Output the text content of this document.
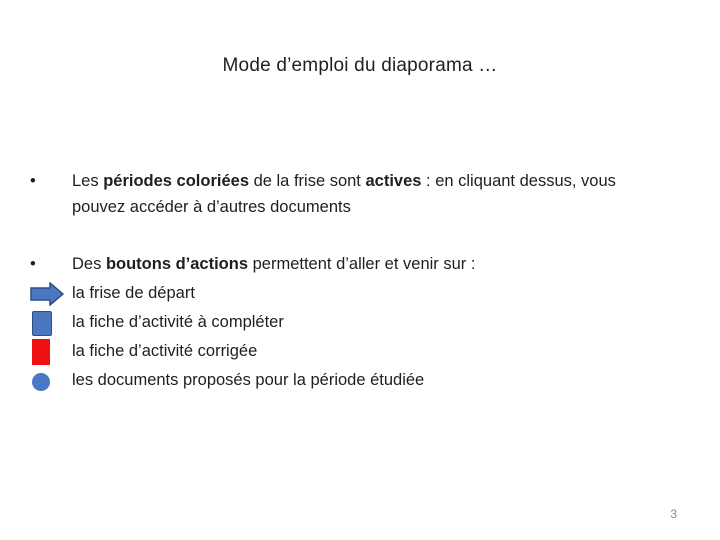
Mode d’emploi du diaporama …
•	Les périodes coloriées de la frise sont actives : en cliquant dessus, vous
pouvez accéder à d’autres documents
•	Des boutons d’actions permettent d’aller et venir sur :
la frise de départ
la fiche d’activité à compléter
la fiche d’activité corrigée
les documents proposés pour la période étudiée
3
